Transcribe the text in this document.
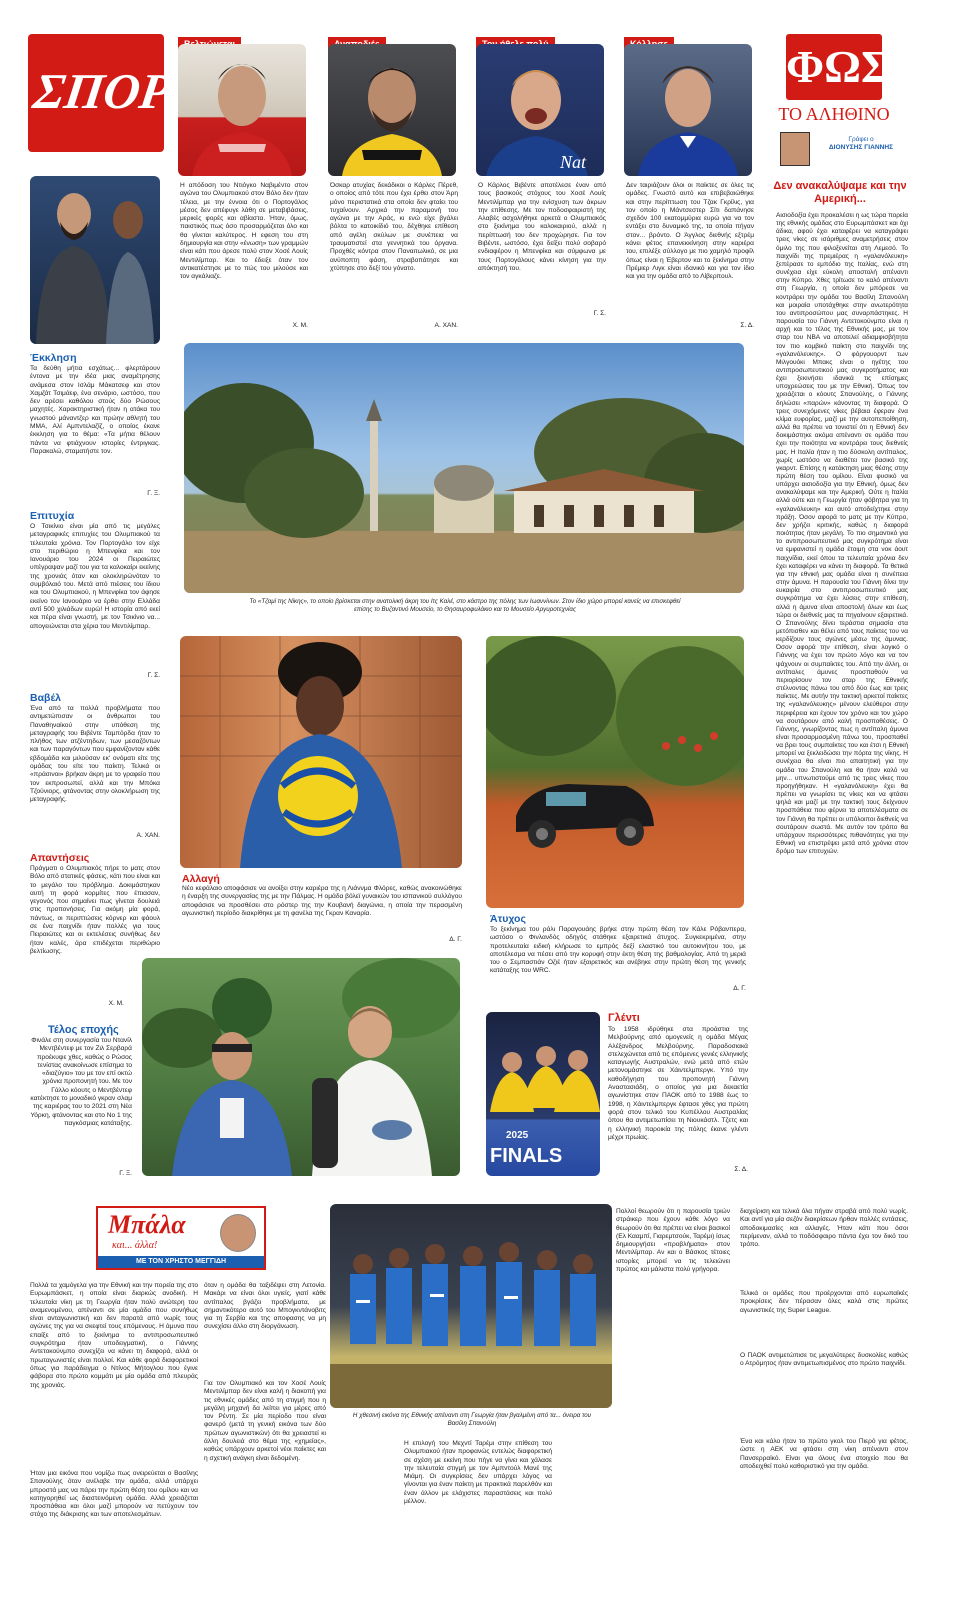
ΣΠΟΡ
Nat
Η απόδοση του Ντιόγκο Ναβιμέντο στον αγώνα του Ολυμπιακού στον Βόλο δεν ήταν τέλεια, με την έννοια ότι ο Πορτογάλος μέσος δεν απέφυγε λάθη σε μεταβιβάσεις, μερικές φορές και αβίαστα. Ήταν, όμως, παιστικός πως όσο προσαρμόζεται όλο και θα γίνεται καλύτερος. Η εφεση του στη δημιουργία και στην «ένωση» των γραμμών είναι κάτι που άρεσε πολύ στον Χοσέ Λουίς Μεντιλίμπαρ. Και το έδειξε όταν τον αντικατέστησε με το πώς του μιλούσε και τον αγκάλιαζε.
Χ. Μ.
Όσκαρ ατυχίας δεκάδικοι ο Κάρλες Πέρεθ, ο οποίος από τότε που έχει έρθει στον Άρη μόνο περιστατικά στα οποία δεν φταίει του τυχαίνουν. Αρχικά την παραμονή του αγώνα με την Αράς, κι ενώ είχε βγάλει βόλτα το κατοικίδιό του, δέχθηκε επίθεση από αγέλη σκύλων με συνέπεια να τραυματιστεί στα γεννητικά του όργανα. Προχθές κόντρα στον Παναιτωλικό, σε μια ανύποπτη φάση, στραβοπάτησε και χτύπησε στο δεξί του γόνατο.
Α. ΧΑΝ.
Ο Κάρλος Βιβέντε αποτέλεσε έναν από τους βασικούς στόχους του Χοσέ Λουίς Μεντιλίμπαρ για την ενίσχυση των άκρων την επίθεσης. Με τον ποδοσφαιριστή της Αλαβές ασχολήθηκε αρκετά ο Ολυμπιακός στο ξεκίνημα του καλοκαιριού, αλλά η περίπτωσή του δεν προχώρησε. Για τον Βιβέντε, ωστόσο, έχει δείξει πολύ σοβαρό ενδιαφέρον η Μπενφίκα και σύμφωνα με τους Πορτογάλους κάνει κίνηση για την απόκτησή του.
Γ. Σ.
Δεν ταιριάζουν όλοι οι παίκτες σε όλες τις ομάδες. Γνωστό αυτό και επιβεβαιώθηκε και στην περίπτωση του Τζακ Γκρίλις, για τον οποίο η Μάντσεστερ Σίτι δαπάνησε σχεδόν 100 εκατομμύρια ευρώ για να τον εντάξει στο δυναμικό της, τα οποία πήγαν στον... βρόντο. Ο Άγγλος διεθνής εξτρέμ κάνει φέτος επανεκκίνηση στην καριέρα του, επιλέξε σύλλογο με πιο χαμηλό προφίλ όπως είναι η Έβερτον και το ξεκίνημα στην Πρέμιερ Λιγκ είναι ιδανικό και για τον ίδιο και για την ομάδα από το Λίβερπουλ.
Σ. Δ.
Έκκληση
Τα δεύθη μήτια εσχάτως... φλερτάρουν έντονα με την ιδέα μιας αναμέτρησης ανάμεσα στον Ισλάμ Μάκατσεφ και στον Χαμζάτ Τσιμάεφ, ένα σενάριο, ωστόσο, που δεν αρέσει καθόλου στούς δύο Ρώσους μαχητές. Χαρακτηριστική ήταν η ατάκα του γνωστού μάναντζερ και πρώην αθλητή του MMA, Αλί Αμπντελαζίζ, ο οποίος έκανε έκκληση για το θέμα: «Τα μήτια θέλουν πάντα να φτιάχνουν ιστορίες έντριγκας. Παρακαλώ, σταματήστε τον.
Γ. Ξ.
Επιτυχία
Ο Τσικίνιο είναι μία από τις μεγάλες μεταγραφικές επιτυχίες του Ολυμπιακού τα τελευταία χρόνια. Τον Πορτογάλο τον είχε στο περιθώριο η Μπενφίκα και τον Ιανουάριο του 2024 οι Πειραιώτες υπέγραψαν μαζί του για τα καλοκαίρι εκείνης της χρονιάς όταν και ολοκληρώνόταν το συμβόλαιό του. Μετά από πιέσεις του ίδιου και του Ολυμπιακού, η Μπενφίκα τον άφησε εκείνο τον Ιανουάριο να έρθει στην Ελλάδα αντί 500 χιλιάδων ευρώ! Η ιστορία από εκεί και πέρα είναι γνωστή, με τον Τσικίνιο να... απογειώνεται στα χέρια του Μεντιλίμπαρ.
Γ. Σ.
Βαβέλ
Ένα από τα πολλά προβλήματα που αντιμετώπισαν οι άνθρωποι του Παναθηναϊκού στην υπόθεση της μεταγραφής του Βιβέντε Ταμπόρδα ήταν το πλήθος των ατζέντηδων, των μεσαζόντων και των παραγόντων που εμφανίζονταν κάθε εβδομάδα και μιλούσαν εκ' ονόματι είτε της ομάδας του είτε του παίκτη. Τελικά οι «πράσινοι» βρήκαν άκρη με το γραφείο που τον εκπροσωπεί, αλλά και την Μπόκα Τζούνιορς, φτάνοντας στην ολοκλήρωση της μεταγραφής.
Α. ΧΑΝ.
Απαντήσεις
Πράγματι ο Ολυμπιακός πήρε το ματς στον Βόλο από στατικές φάσεις, κάτι που είναι και το μεγάλο του πρόβλημα. Δοκιμάστηκαν αυτή τη φορά κορμίτες που έπιασαν, γεγονός που σημαίνει πως γίνεται δουλειά στις προπονήσεις. Για ακόμη μία φορά, πάντως, οι περιπτώσεις κόρνερ και φάουλ σε ένα παιχνίδι ήταν πολλές για τους Πειραιώτες και οι εκτελέσεις συνήθως δεν ήταν καλές, άρα επιδέχεται περιθώριο βελτίωσης.
Χ. Μ.
Τέλος εποχής
Φινάλε στη συνεργασία του Ντανίλ Μεντβέντεφ με τον Ζιλ Σερβαρά προέκυψε χθες, καθώς ο Ρώσος τενίστας ανακοίνωσε επίσημα το «διαζύγιο» του με τον επί οκτώ χρόνια προπονητή του. Με τον Γάλλο κόουτς ο Μεντβέντεφ κατέκτησε το μοναδικό γκραν σλαμ της καριέρας του το 2021 στη Νέα Υόρκη, φτάνοντας και στο Νο 1 της παγκόσμιας κατάταξης.
Γ. Ξ.
Το «Τζαμί της Νίκης», το οποίο βρίσκεται στην ανατολική άκρη του Ιτς Καλέ, στο κάστρο της πόλης των Ιωαννίνων. Στον ίδιο χώρο μπορεί κανείς να επισκεφθεί επίσης το Βυζαντινό Μουσείο, το Θησαυροφυλάκιο και το Μουσείο Αργυροτεχνίας
Αλλαγή
Νέο κεφάλαιο αποφάσισε να ανοίξει στην καριέρα της η Λιάννμα Φλόρες, καθώς ανακοινώθηκε η έναρξη της συνεργασίας της με την Πάλμας. Η ομάδα βόλεϊ γυναικών του ισπανικού συλλόγου αποφάσισε να προσθέσει στο ρόστερ της την Κουβανή διαγώνια, η οποία την περασμένη αγωνιστική περίοδο διακρίθηκε με τη φανέλα της Γκραν Καναρία.
Δ. Γ.
Άτυχος
Το ξεκίνημα του ράλι Παραγουάης βρήκε στην πρώτη θέση τον Κάλε Ρόβανπερα, ωστόσο ο Φινλανδός οδηγός στάθηκε εξαιρετικά άτυχος. Συγκεκριμένα, στην προτελευταία ειδική κλήρωσε το εμπρός δεξί ελαστικό του αυτοκινήτου του, με αποτέλεσμα να πέσει από την κορυφή στην έκτη θέση της βαθμολογίας. Από τη μεριά του ο Σεμπαστιάν Οζιέ ήταν εξαιρετικός και ανέβηκε στην πρώτη θέση της γενικής κατάταξης του WRC.
Δ. Γ.
2025
FINALS
Γλέντι
Το 1958 ιδρύθηκε στα προάστια της Μελβούρνης από ομογενείς η ομάδα Μέγας Αλέξανδρος Μελβούρνης. Παραδοσιακά στελεχώνεται από τις επόμενες γενιές ελληνικής καταγωγής Αυστραλών, ενώ μετά από ετών μετονομάστηκε σε Χάιντελμπεργκ. Υπό την καθοδήγηση του προπονητή Γιάννη Αναστασιάδη, ο οποίος για μια δεκαετία αγωνίστηκε στον ΠΑΟΚ από το 1988 έως το 1998, η Χάιντελμπεργκ έφτασε χθες για πρώτη φορά στον τελικό του Κυπέλλου Αυστραλίας όπου θα αντιμετωπίσει τη Νιουκάστλ. Τζετς και η ελληνική παροικία της πόλης έκανε γλέντι μέχρι πρωίας.
Σ. Δ.
ΦΩΣ
ΤΟ ΑΛΗΘΙΝΟ
Γράφει ο
ΔΙΟΝΥΣΗΣ ΓΙΑΝΝΗΣ
Δεν ανακαλύψαμε και την Αμερική...
Αισιοδοξία έχει προκαλέσει η ως τώρα πορεία της εθνικής ομάδας στο Ευρωμπάσκετ και όχι άδικα, αφού έχει καταφέρει να καταγράψει τρεις νίκες σε ισάριθμες αναμετρήσεις στον όμιλο της που φιλοξενείται στη Λεμεσό. Το παιχνίδι της πρεμιέρας η «γαλανόλευκη» ξεπέρασε το εμπόδιο της Ιταλίας, ενώ στη συνέχεια είχε εύκολη αποστολή απέναντι στην Κύπρο. Χθες τρίτωσε το καλό απέναντι στη Γεωργία, η οποία δεν μπόρεσε να κοντράρει την ομάδα του Βασίλη Σπανούλη και μοιραία υποτάχθηκε στην ανωτερότητα του αντιπροσώπου μας συναρπάστηκες. Η παρουσία του Γιάννη Αντετοκούνμπο είναι η αρχή και το τέλος της Εθνικής μας, με τον σταρ του NBA να αποτελεί αδιαμφισβήτητα τον πιο κομβικό παίκτη στο παιχνίδι της «γαλανόλευκης». Ο φόργουορντ των Μιλγουόκι Μπακς είναι ο ηγέτης του αντιπροσωπευτικού μας συγκροτήματος και έχει ξεκινήσει ιδανικά τις επίσημες υποχρεώσεις του με την Εθνική. Όπως τον χρειάζεται ο κόουτς Σπανούλης, ο Γιάννης δηλώσει «παρών» κάνοντας τη διαφορά. Ο τρεις συνεχόμενες νίκες βέβαια έφεραν ένα κλίμα ευφορίας, μαζί με την αυτοπεποίθηση, αλλά θα πρέπει να τονιστεί ότι η Εθνική δεν δοκιμάστηκε ακόμα απέναντι σε ομάδα που έχει την ποιότητα να κοντράρει τους διεθνείς μας. Η Ιταλία ήταν η πιο δύσκολη αντίπαλος, χωρίς ωστόσο να διαθέτει τον βασικό της γκαρντ. Επίσης η κατάκτηση μιας θέσης στην πρώτη θέση του ομίλου. Είναι φυσικό να υπάρχει αισιοδοξία για την Εθνική, όμως δεν ανακαλύψαμε και την Αμερική. Ούτε η Ιταλία αλλά ούτε και η Γεωργία ήταν φόβητρα για τη «γαλανόλευκη» και αυτό αποδείχτηκε στην πράξη. Όσον αφορά το ματς με την Κύπρο, δεν χρήζει κριτικής, καθώς η διαφορά ποιότητας ήταν μεγάλη. Το πιο σημαντικό για το αντιπροσωπευτικό μας συγκρότημα είναι να εμφανιστεί η ομάδα έτοιμη στα νοκ άουτ παιχνίδια, εκεί όπου τα τελευταία χρόνια δεν έχει καταφέρει να κάνει τη διαφορά. Τα θετικά για την εθνική μας ομάδα είναι η συνέπεια στην άμυνα. Η παρουσία του Γιάννη δίνει την ευκαιρία στο αντιπροσωπευτικό μας συγκρότημα να έχει λύσεις στην επίθεση, αλλά η άμυνα είναι αποστολή όλων και έως τώρα οι διεθνείς μας τα πηγαίνουν εξαιρετικά. Ο Σπανούλης δίνει τεράστια σημασία στα μετόπισθεν και θέλει από τους παίκτες του να κερδίζουν τους αγώνες μέσω της άμυνας. Όσον αφορά την επίθεση, είναι λογικό ο Γιάννης να έχει τον πρώτο λόγο και να τον ψάχνουν οι συμπαίκτες του. Από την άλλη, οι αντίπαλες άμυνες προσπαθούν να περιορίσουν τον σταρ της Εθνικής στέλνοντας πάνω του από δύο έως και τρεις παίκτες. Με αυτήν την τακτική αρκετοί παίκτες της «γαλανόλευκης» μένουν ελεύθεροι στην περιφέρεια και έχουν τον χρόνο και τον χώρο να σουτάρουν από καλή προσποθέσεις. Ο Γιάννης, γνωρίζοντας πως η αντίπαλη άμυνα είναι προσαρμοσμένη πάνω του, προσπαθεί να βρει τους συμπαίκτες του και έτσι η Εθνική μπορεί να ξεκλειδώσει την πόρτα της νίκης. Η συνέχεια θα είναι πιο απαιτητική για την ομάδα του Σπανούλη και θα ήταν καλό να μην... υπνωτιστούμε από τις τρεις νίκες που προηγήθηκαν. Η «γαλανόλευκη» έχει θα πρέπει να γνωρίσει τις νίκες και να φτάσει ψηλά και μαζί με την τακτική τους δείχνουν προσπάθεια που φέρνει τα αποτελέσματα σε τον Γιάννη θα πρέπει οι υπόλοιποι διεθνείς να σουτάρουν σωστά. Με αυτόν τον τρόπο θα υπάρχουν περισσότερες πιθανότητες για την Εθνική να επιστρέψει μετά από χρόνια στον δρόμο των επιτυχιών.
Μπάλα
και... άλλα!
ΜΕ ΤΟΝ ΧΡΗΣΤΟ ΜΕΓΓΙΔΗ
Πολλά τα χαμόγελα για την Εθνική και την πορεία της στο Ευρωμπάσκετ, η οποία είναι διαρκώς ανοδική. Η τελευταία νίκη με τη Γεωργία ήταν πολύ ανώτερη του αναμενομένου, απέναντι σε μία ομάδα που συνήθως είναι ανταγωνιστική και δεν παρατά από νωρίς τους αγώνες της για να σκεφτεί τους επόμενους. Η άμυνα που επαίξε από το ξεκίνημα το αντιπροσωπευτικό συγκρότημα ήταν υποδειγματική, ο Γιάννης Αντετοκούνμπο συνεχίζει να κάνει τη διαφορά, αλλά οι πρωταγωνιστές είναι πολλοί. Και κάθε φορά διαφορετικοί όπως για παράδειγμα ο Ντίνος Μήτογλου που έγινε φάβορα στο πρώτο κομμάτι με μία ομάδα από πλευράς της χρονιάς.
Ήταν μια εικόνα που νομίζω πως ονειρεύεται ο Βασίλης Σπανούλης όταν ανέλαβε την ομάδα, αλλά υπάρχει μπροστά μας να πάρει την πρώτη θέση του ομίλου και να κατηγορηθεί ως διαστεινόμενη ομάδα. Αλλά χρειάζεται προσπάθεια και όλοι μαζί μπορούν να πετύχουν τον στόχο της διάκρισης και των αποτελεσμάτων.
όταν η ομάδα θα ταξιδέψει στη Λετονία. Μακάρι να είναι όλοι υγιείς, γιατί κάθε αντίπαλος βγάζει προβλήματα, με σημαντικότερο αυτό του Μπογκντάνοβιτς για τη Σερβία και της αποφασης να μη συνεχίσει άλλο στη διοργάνωση.
Για τον Ολυμπιακό και τον Χοσέ Λουίς Μεντιλίμπαρ δεν είναι καλή η διακοπή για τις εθνικές ομάδες από τη στιγμή που η μεγάλη μηχανή δα λείπει για μέρες από τον Ρέντη. Σε μία περίοδο που είναι φανερό (μετά τη γενική εικόνα των δύο πρώτων αγωνιστικών) ότι θα χρειαστεί κι άλλη δουλειά στο θέμα της «χημείας», καθώς υπάρχουν αρκετοί νέοι παίκτες και η σχετική ανάγκη είναι δεδομένη.
Η χθεσινή εικόνα της Εθνικής απέναντι στη Γεωργία ήταν βγαλμένη από τα... όνειρα του Βασίλη Σπανούλη
Πολλοί θεωρούν ότι η παρουσία τριών στράικερ που έχουν κάθε λόγο να θεωρούν ότι θα πρέπει να είναι βασικοί (Ελ Κααμπί, Γιαρεμτσούκ, Ταρέμι) ίσως δημιουργήσει «προβλήματα» στον Μεντιλίμπαρ. Αν και ο Βάσκος τέτοιες ιστορίες μπορεί να τις τελειώνει πρώτος και μάλιστα πολύ γρήγορα.
Η επιλογή του Μεχντί Ταρέμι στην επίθεση του Ολυμπιακού ήταν προφανώς εντελώς διαφορετική σε σχέση με εκείνη που πήγε να γίνει και χάλασε την τελευταία στιγμή με τον Αμπντούλ Μανέ της Μιάμη. Οι συγκρίσεις δεν υπάρχει λόγος να γίνονται για έναν παίκτη με πρακτικά παρελθόν και έναν άλλον με ελάχιστες παραστάσεις και πολύ μέλλον.
διαχείριση και τελικά όλα πήγαν στραβά από πολύ νωρίς. Και αντί για μία σεζόν διακρίσεων ήρθαν πολλές εντάσεις, αποδοκιμασίες και αλλαγές. Ήταν κάτι που όσοι περίμεναν, αλλά το ποδόσφαιρο πάντα έχει τον δικό του τρόπο.
Τελικά οι ομάδες που προέρχονται από ευρωπαϊκές προκρίσεις δεν πέρασαν όλες καλά στις πρώτες αγωνιστικές της Super League.
Ο ΠΑΟΚ αντιμετώπισε τις μεγαλύτερες δυσκολίες καθώς ο Ατρόμητος ήταν αντιμετωπισμένος στο πρώτο παιχνίδι.
Ένα και κάλο ήταν το πρώτο γκολ του Πιερό για φέτος, ώστε η ΑΕΚ να φτάσει στη νίκη απέναντι στον Πανσερραϊκό. Είναι για όλους ένα στοιχείο που θα αποδειχθεί πολύ καθοριστικό για την ομάδα.
